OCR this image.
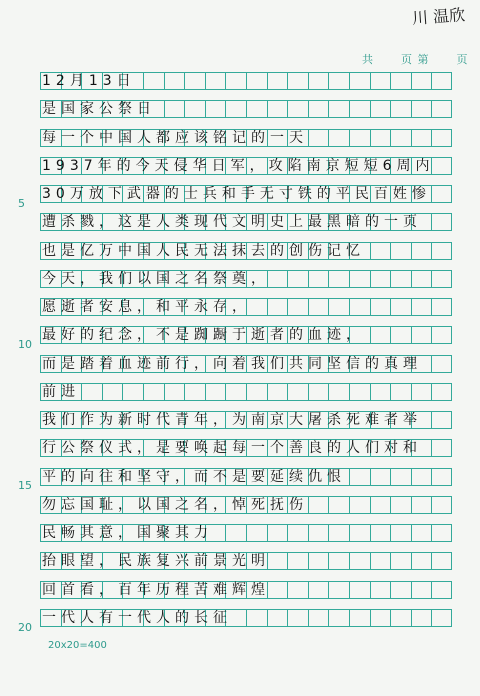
川 温欣
共 页 第 页
12月13日
是国家公祭日
每一个中国人都应该铭记的一天
1937年的今天侵华日军，攻陷南京短短6周内
30万放下武器的士兵和手无寸铁的平民百姓惨
遭杀戮，这是人类现代文明史上最黑暗的一页
也是亿万中国人民无法抹去的创伤记忆
今天，我们以国之名祭奠，
愿逝者安息，和平永存，
最好的纪念，不是踟蹰于逝者的血迹，
而是踏着血迹前行，向着我们共同坚信的真理
前进
我们作为新时代青年，为南京大屠杀死难者举
行公祭仪式，是要唤起每一个善良的人们对和
平的向往和坚守，而不是要延续仇恨
勿忘国耻，以国之名，悼死抚伤
民畅其意，国聚其力
抬眼望，民族复兴前景光明
回首看，百年历程苦难辉煌
一代人有一代人的长征
5
10
15
20
20x20=400
